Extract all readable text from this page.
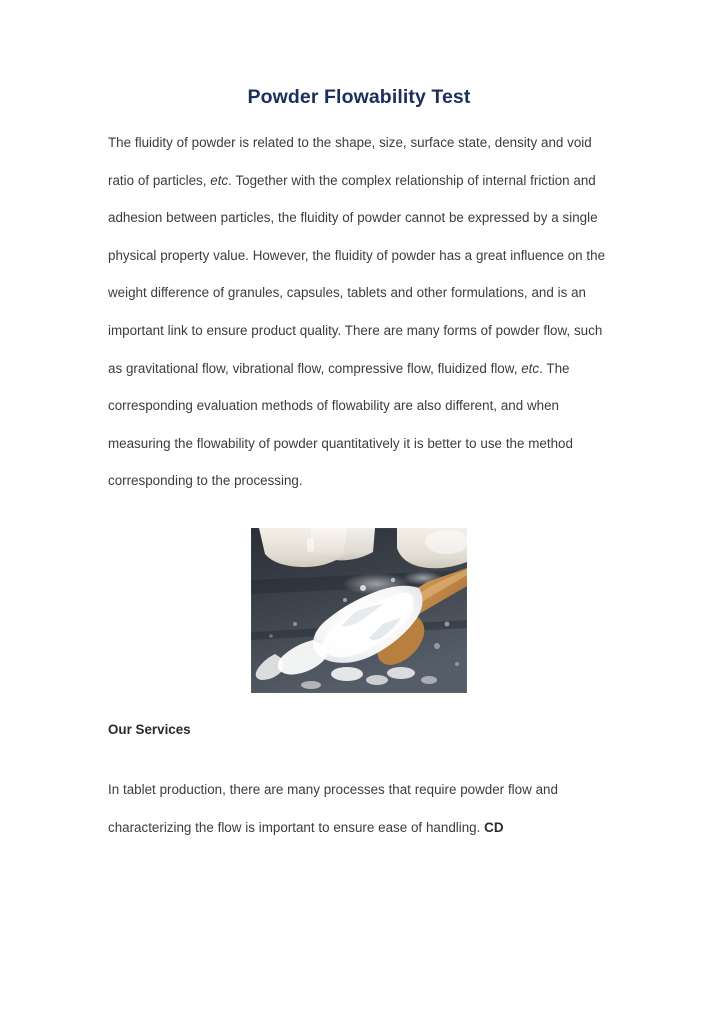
Powder Flowability Test

The fluidity of powder is related to the shape, size, surface state, density and void ratio of particles, etc. Together with the complex relationship of internal friction and adhesion between particles, the fluidity of powder cannot be expressed by a single physical property value. However, the fluidity of powder has a great influence on the weight difference of granules, capsules, tablets and other formulations, and is an important link to ensure product quality. There are many forms of powder flow, such as gravitational flow, vibrational flow, compressive flow, fluidized flow, etc. The corresponding evaluation methods of flowability are also different, and when measuring the flowability of powder quantitatively it is better to use the method corresponding to the processing.

Our Services

In tablet production, there are many processes that require powder flow and characterizing the flow is important to ensure ease of handling. CD
